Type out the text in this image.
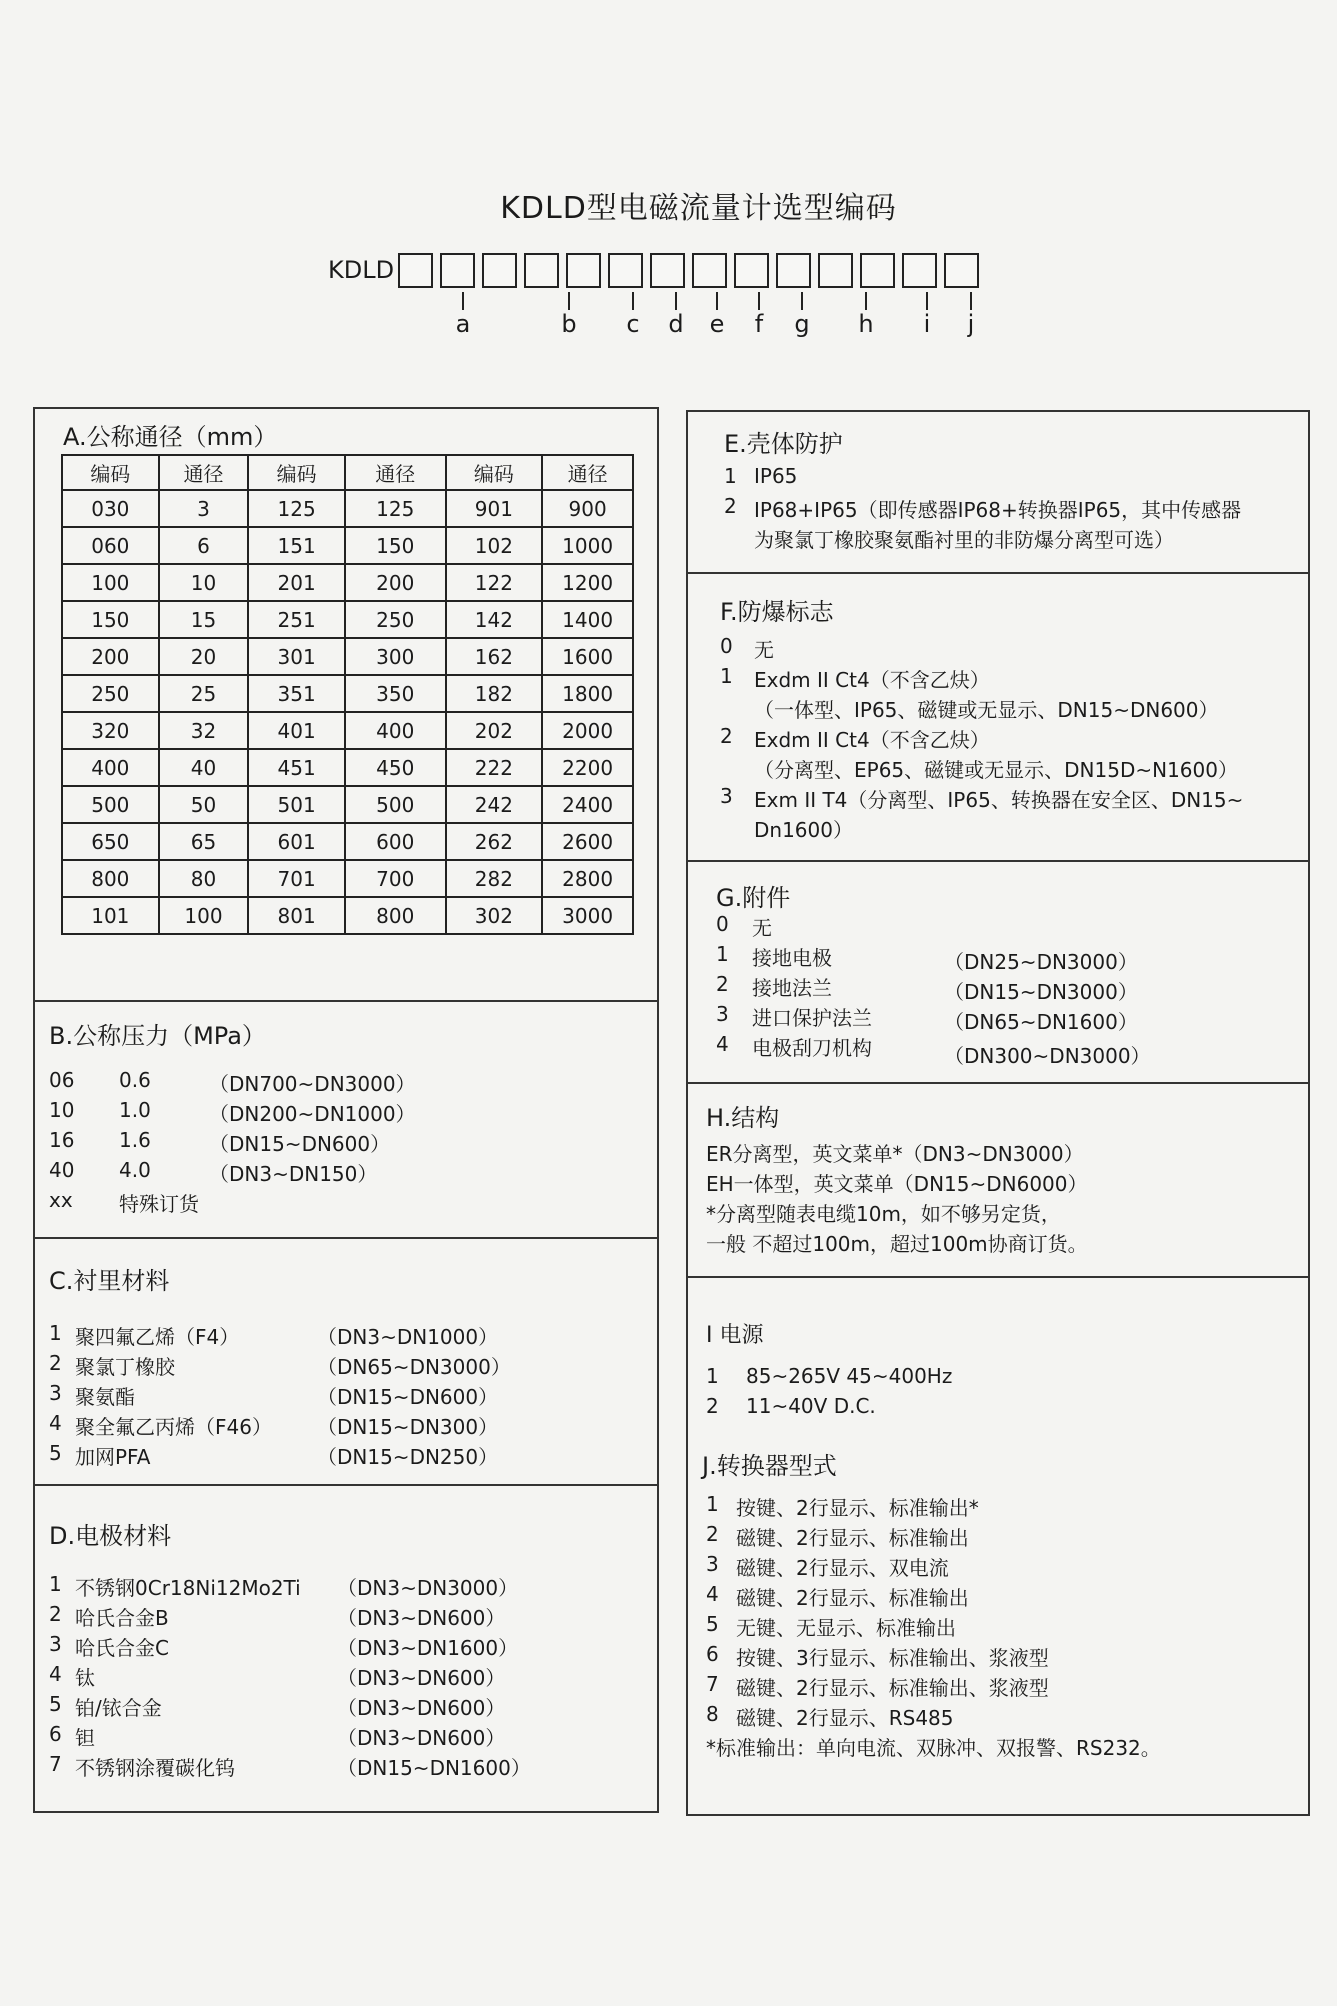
KDLD型电磁流量计选型编码
KDLD
a	b	c	d	e	f	g	h	i	j
A.公称通径（mm）
编码	通径	编码	通径	编码	通径
030	3	125	125	901	900
060	6	151	150	102	1000
100	10	201	200	122	1200
150	15	251	250	142	1400
200	20	301	300	162	1600
250	25	351	350	182	1800
320	32	401	400	202	2000
400	40	451	450	222	2200
500	50	501	500	242	2400
650	65	601	600	262	2600
800	80	701	700	282	2800
101	100	801	800	302	3000
B.公称压力（MPa）
06 0.6	（DN700~DN3000）
10 1.0	（DN200~DN1000）
16 1.6	（DN15~DN600）
40 4.0	（DN3~DN150）
xx 特殊订货
C.衬里材料
1 聚四氟乙烯（F4）	（DN3~DN1000）
2 聚氯丁橡胶	（DN65~DN3000）
3 聚氨酯	（DN15~DN600）
4 聚全氟乙丙烯（F46） （DN15~DN300）
5 加网PFA	（DN15~DN250）
D.电极材料
1 不锈钢0Cr18Ni12Mo2Ti （DN3~DN3000）
2 哈氏合金B	（DN3~DN600）
3 哈氏合金C	（DN3~DN1600）
4 钛	（DN3~DN600）
5 铂/铱合金	（DN3~DN600）
6 钽	（DN3~DN600）
7 不锈钢涂覆碳化钨	（DN15~DN1600）
E.壳体防护
1 IP65
2 IP68+IP65（即传感器IP68+转换器IP65，其中传感器
为聚氯丁橡胶聚氨酯衬里的非防爆分离型可选）
F.防爆标志
0 无
1 Exdm II Ct4（不含乙炔）
（一体型、IP65、磁键或无显示、DN15~DN600）
2 Exdm II Ct4（不含乙炔）
（分离型、EP65、磁键或无显示、DN15D~N1600）
3 Exm II T4（分离型、IP65、转换器在安全区、DN15~
Dn1600）
G.附件
0 无
1 接地电极	（DN25~DN3000）
2 接地法兰	（DN15~DN3000）
3 进口保护法兰	（DN65~DN1600）
4 电极刮刀机构	（DN300~DN3000）
H.结构
ER分离型，英文菜单*（DN3~DN3000）
EH一体型，英文菜单（DN15~DN6000）
*分离型随表电缆10m，如不够另定货，
一般 不超过100m，超过100m协商订货。
I 电源
1 85~265V 45~400Hz
2 11~40V D.C.
J.转换器型式
1 按键、2行显示、标准输出*
2 磁键、2行显示、标准输出
3 磁键、2行显示、双电流
4 磁键、2行显示、标准输出
5 无键、无显示、标准输出
6 按键、3行显示、标准输出、浆液型
7 磁键、2行显示、标准输出、浆液型
8 磁键、2行显示、RS485
*标准输出：单向电流、双脉冲、双报警、RS232。
